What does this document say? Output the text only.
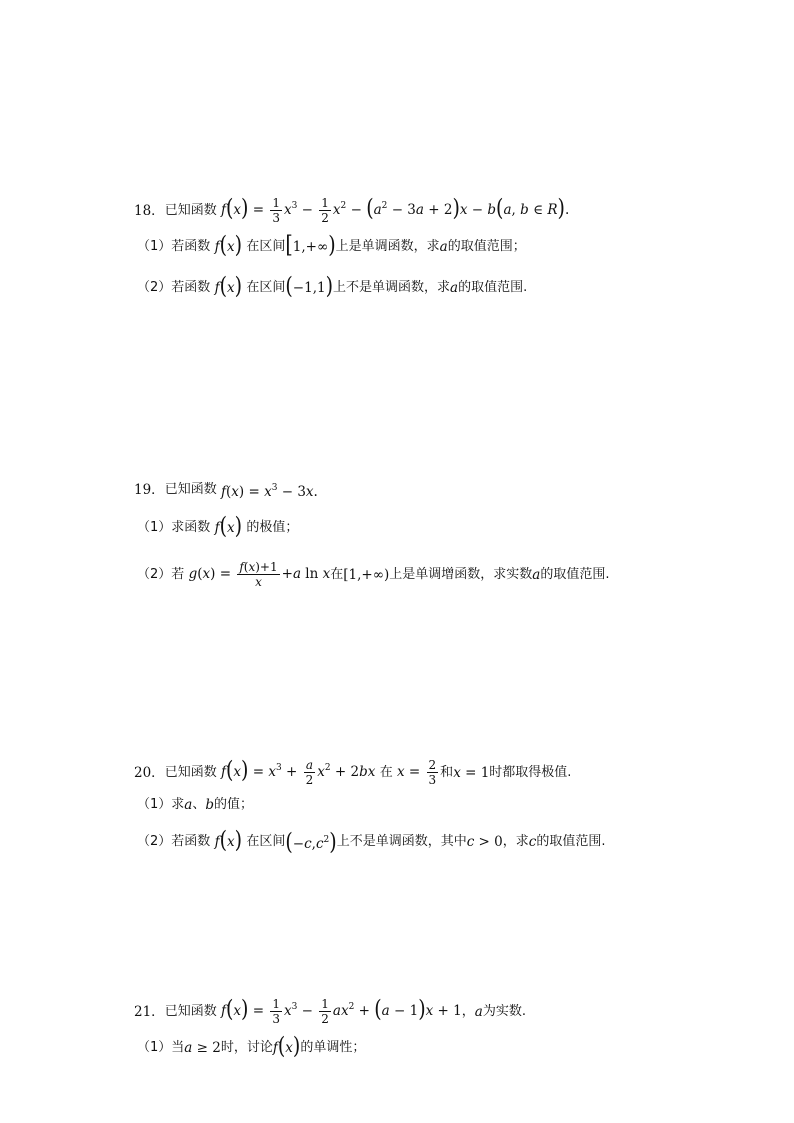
18． 已知函数 $f(x) = \frac{1}{3} x^3 - \frac{1}{2} x^2 - (a^2 - 3a + 2)x - b(a$, b ∈ R).
（1） 若函数 f(x) 在区间 [1,+∞) 上是单调函数，求 a 的取值范围；
（2） 若函数 f(x) 在区间 (−1,1) 上不是单调函数，求 a 的取值范围.
19． 已知函数 $f(x) = x^3 - 3x$.
（1） 求函数 f(x) 的极值；
（2） 若 $g(x) = \frac{f(x)+1}{x} +a$ ln x 在 [1,+∞) 上是单调增函数，求实数 a 的取值范围.
20． 已知函数 $f(x) = x^3 + \frac{a}{2} x^2 + 2bx$ 在 $x = \frac{2}{3}$ 和 x = 1 时都取得极值.
（1） 求 a 、 b 的值；
（2） 若函数 f(x) 在区间 $(-c,c^2)$ 上不是单调函数，其中 c > 0 ，求 c 的取值范围.
21． 已知函数 $f(x) = \frac{1}{3} x^3 - \frac{1}{2} ax^2 + (a - 1)x + 1$ ， a 为实数.
（1） 当 a ≥ 2 时，讨论 f(x) 的单调性；
